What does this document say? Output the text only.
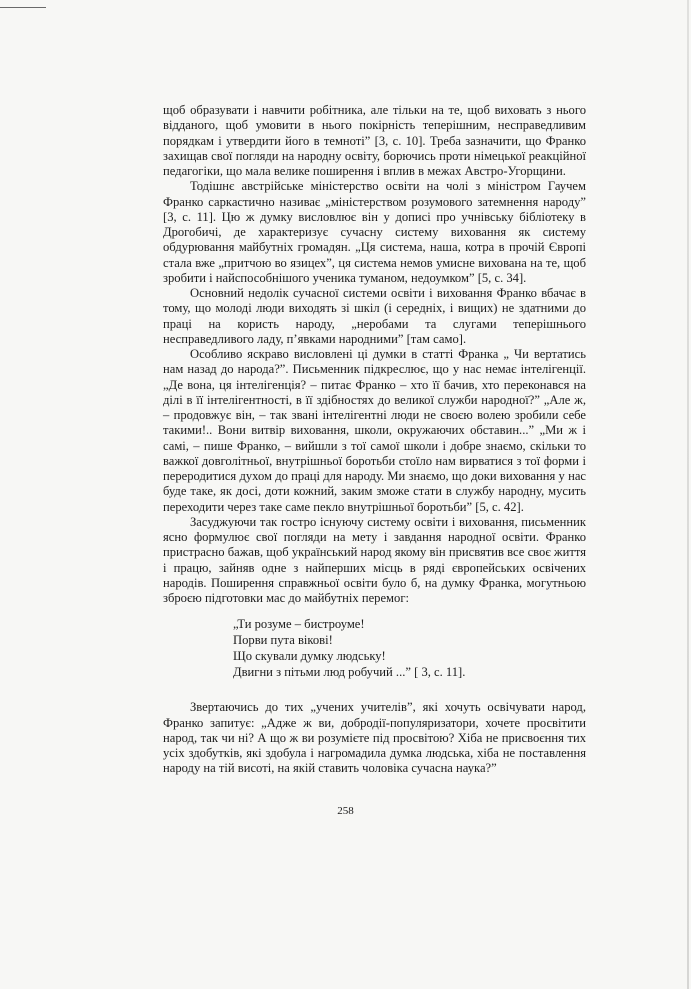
щоб образувати і навчити робітника, але тільки на те, щоб виховать з нього відданого, щоб умовити в нього покірність теперішним, несправедливим порядкам і утвердити його в темноті” [3, с. 10]. Треба зазначити, що Франко захищав свої погляди на народну освіту, борючись проти німецької реакційної педагогіки, що мала велике поширення і вплив в межах Австро-Угорщини.

Тодішнє австрійське міністерство освіти на чолі з міністром Гаучем Франко саркастично називає „міністерством розумового затемнення народу” [3, с. 11]. Цю ж думку висловлює він у дописі про учнівську бібліотеку в Дрогобичі, де характеризує сучасну систему виховання як систему обдурювання майбутніх громадян. „Ця система, наша, котра в прочій Європі стала вже „притчою во язицех”, ця система немов умисне вихована на те, щоб зробити і найспособнішого ученика туманом, недоумком” [5, с. 34].

Основний недолік сучасної системи освіти і виховання Франко вбачає в тому, що молоді люди виходять зі шкіл (і середніх, і вищих) не здатними до праці на користь народу, „неробами та слугами теперішнього несправедливого ладу, п’явками народними” [там само].

Особливо яскраво висловлені ці думки в статті Франка „ Чи вертатись нам назад до народа?”. Письменник підкреслює, що у нас немає інтелігенції. „Де вона, ця інтелігенція? – питає Франко – хто її бачив, хто переконався на ділі в її інтелігентності, в її здібностях до великої служби народної?” „Але ж, – продовжує він, – так звані інтелігентні люди не своєю волею зробили себе такими!.. Вони витвір виховання, школи, окружаючих обставин...” „Ми ж і самі, – пише Франко, – вийшли з тої самої школи і добре знаємо, скільки то важкої довголітньої, внутрішньої боротьби стоїло нам вирватися з тої форми і переродитися духом до праці для народу. Ми знаємо, що доки виховання у нас буде таке, як досі, доти кожний, заким зможе стати в службу народну, мусить переходити через таке саме пекло внутрішньої боротьби” [5, с. 42].

Засуджуючи так гостро існуючу систему освіти і виховання, письменник ясно формулює свої погляди на мету і завдання народної освіти. Франко пристрасно бажав, щоб український народ якому він присвятив все своє життя і працю, зайняв одне з найперших місць в ряді європейських освічених народів. Поширення справжньої освіти було б, на думку Франка, могутньою зброєю підготовки мас до майбутніх перемог:

„Ти розуме – бистроуме!
Порви пута вікові!
Що скували думку людську!
Двигни з пітьми люд робучий ...” [ 3, с. 11].

Звертаючись до тих „учених учителів”, які хочуть освічувати народ, Франко запитує: „Адже ж ви, добродії-популяризатори, хочете просвітити народ, так чи ні? А що ж ви розумієте під просвітою? Хіба не присвоєння тих усіх здобутків, які здобула і нагромадила думка людська, хіба не поставлення народу на тій висоті, на якій ставить чоловіка сучасна наука?”

258
